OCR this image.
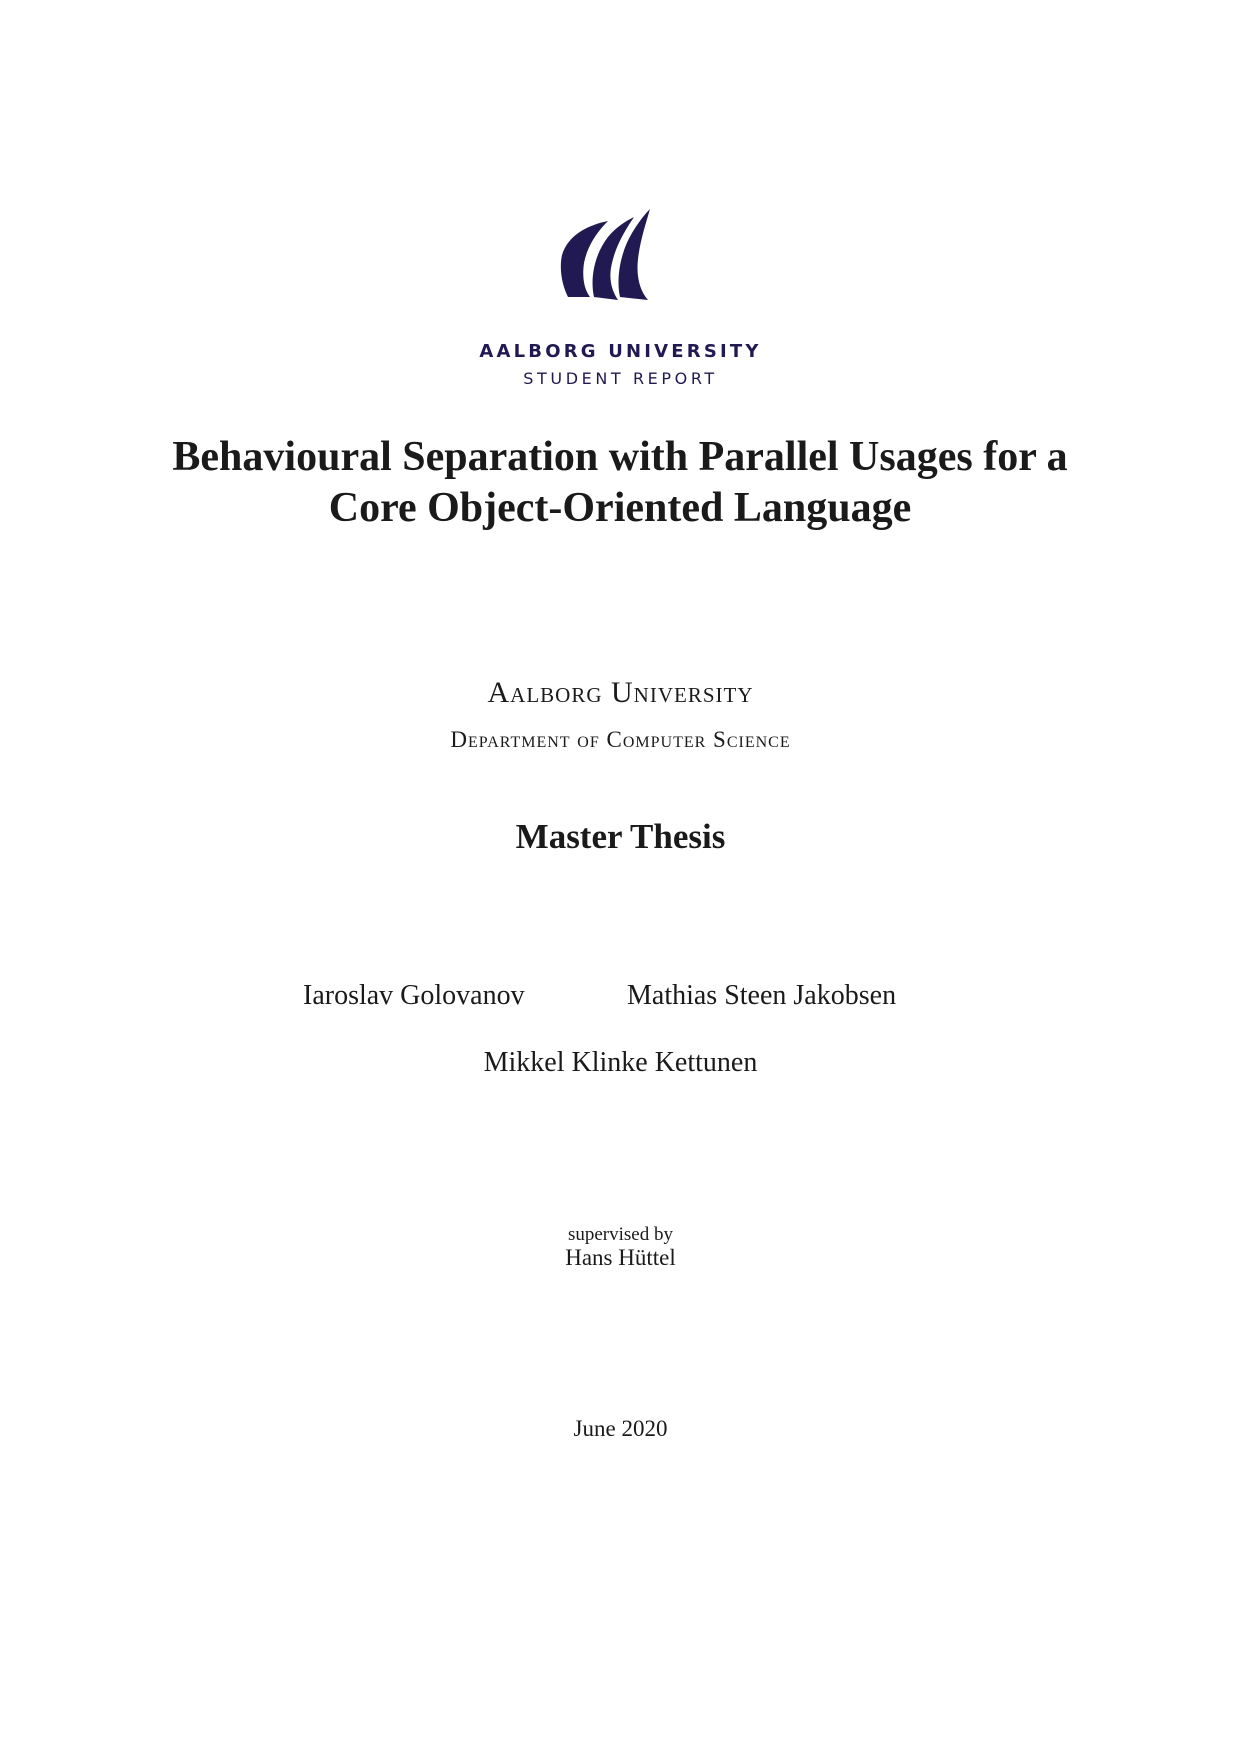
AALBORG UNIVERSITY
STUDENT REPORT
Behavioural Separation with Parallel Usages for a Core Object-Oriented Language
Aalborg University
Department of Computer Science
Master Thesis
Iaroslav Golovanov	Mathias Steen Jakobsen
Mikkel Klinke Kettunen
supervised by
Hans Hüttel
June 2020
